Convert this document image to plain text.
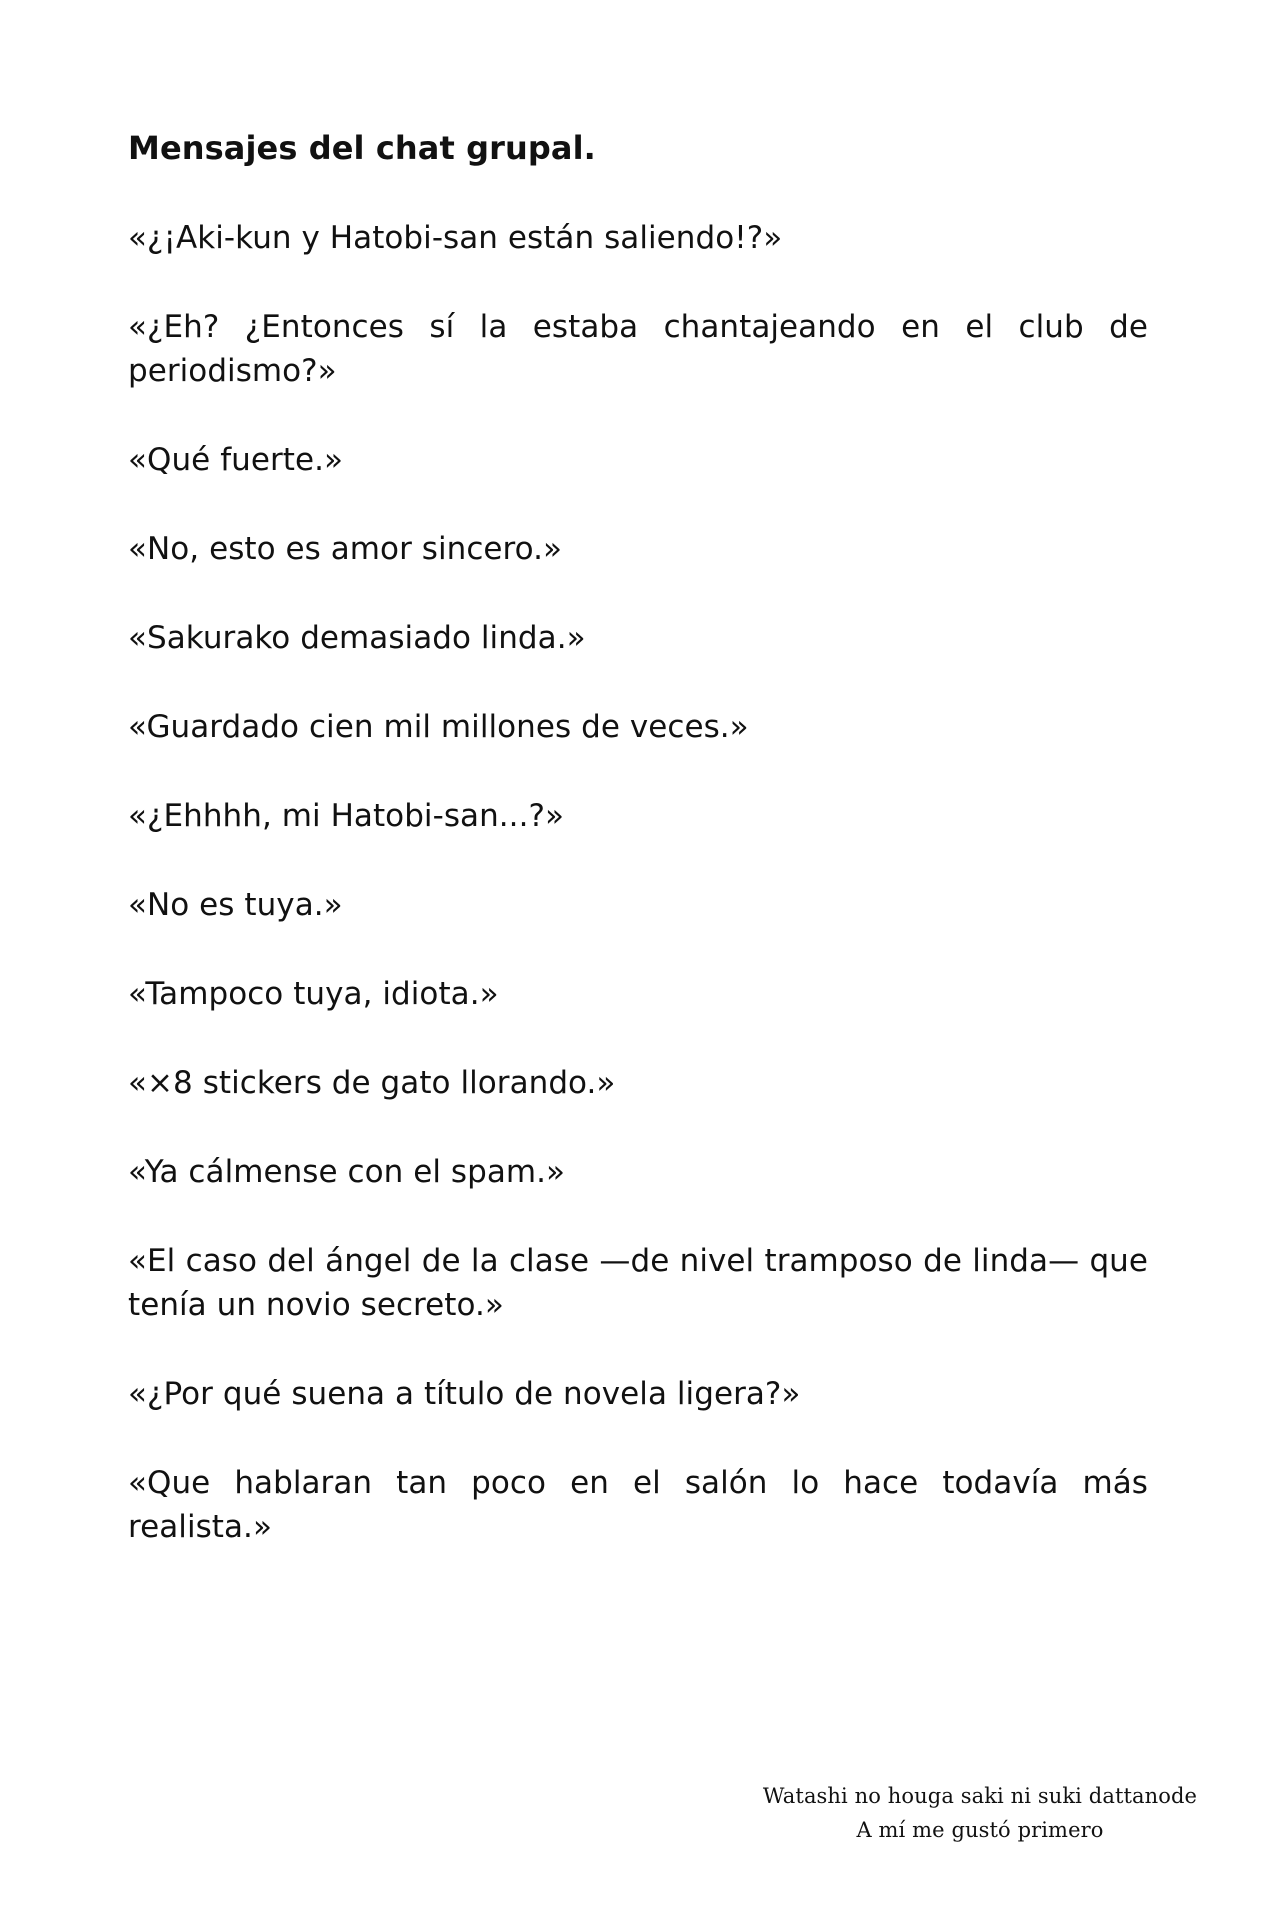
Mensajes del chat grupal.
«¿¡Aki-kun y Hatobi-san están saliendo!?»
«¿Eh? ¿Entonces sí la estaba chantajeando en el club de periodismo?»
«Qué fuerte.»
«No, esto es amor sincero.»
«Sakurako demasiado linda.»
«Guardado cien mil millones de veces.»
«¿Ehhhh, mi Hatobi-san...?»
«No es tuya.»
«Tampoco tuya, idiota.»
«×8 stickers de gato llorando.»
«Ya cálmense con el spam.»
«El caso del ángel de la clase —de nivel tramposo de linda— que tenía un novio secreto.»
«¿Por qué suena a título de novela ligera?»
«Que hablaran tan poco en el salón lo hace todavía más realista.»
Watashi no houga saki ni suki dattanode
A mí me gustó primero
